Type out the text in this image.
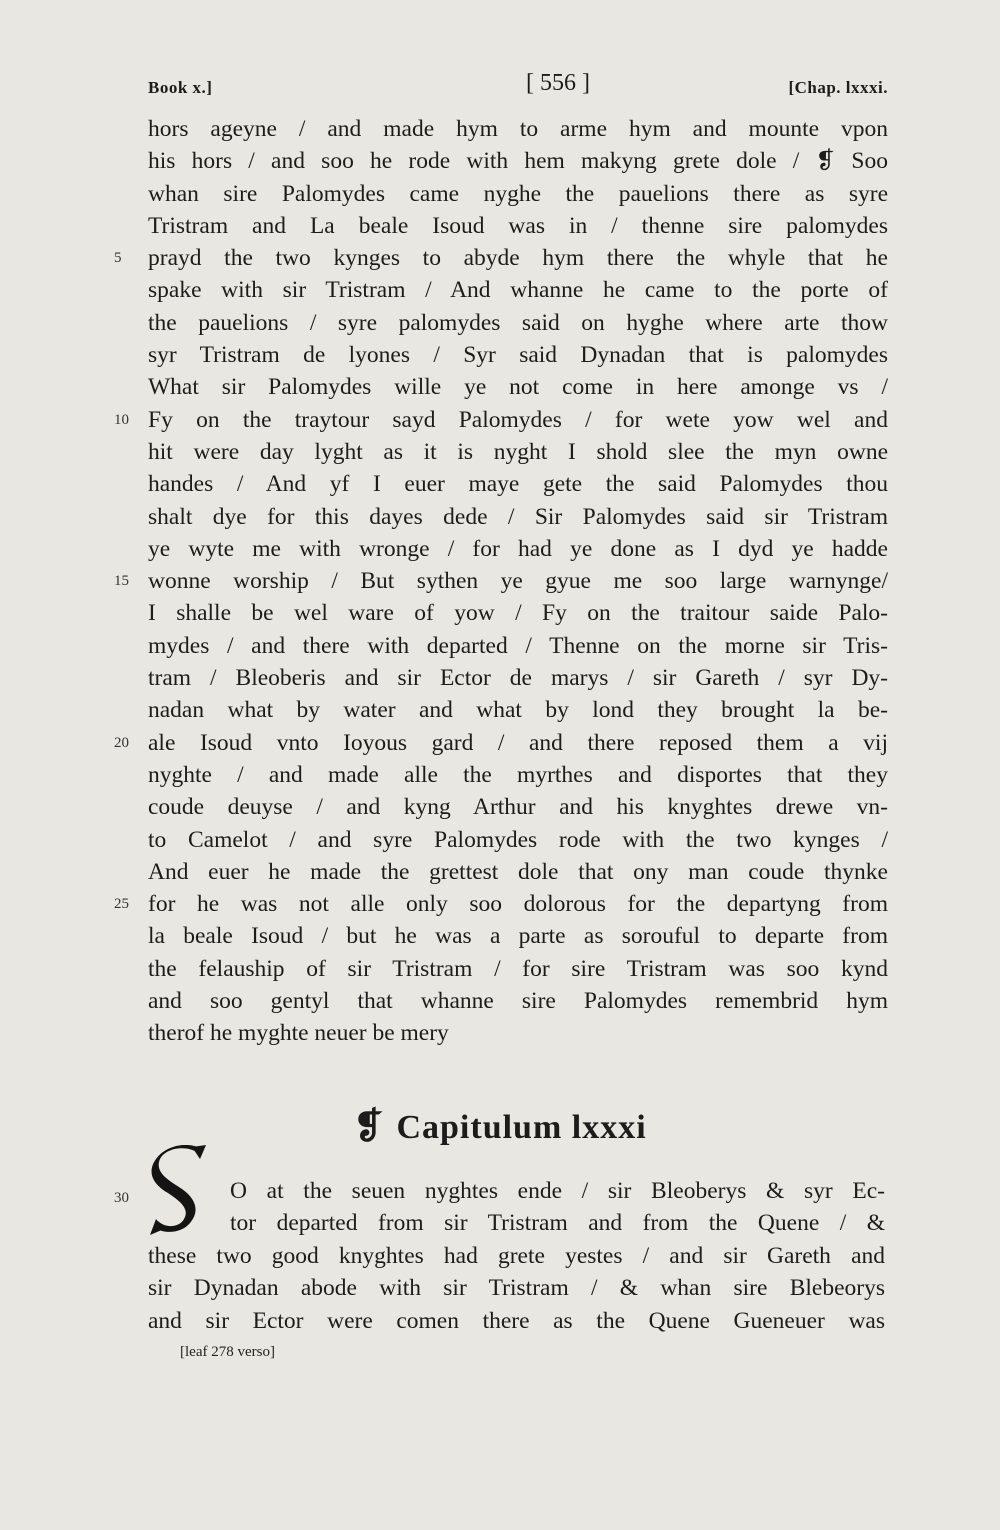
Book x.]	[ 556 ]	[Chap. lxxxi.
hors ageyne / and made hym to arme hym and mounte vpon
his hors / and soo he rode with hem makyng grete dole / ❡ Soo
whan sire Palomydes came nyghe the pauelions there as syre
Tristram and La beale Isoud was in / thenne sire palomydes
5	prayd the two kynges to abyde hym there the whyle that he
spake with sir Tristram / And whanne he came to the porte of
the pauelions / syre palomydes said on hyghe where arte thow
syr Tristram de lyones / Syr said Dynadan that is palomydes
What sir Palomydes wille ye not come in here amonge vs /
10 Fy on the traytour sayd Palomydes / for wete yow wel and
hit were day lyght as it is nyght I shold slee the myn owne
handes / And yf I euer maye gete the said Palomydes thou
shalt dye for this dayes dede / Sir Palomydes said sir Tristram
ye wyte me with wronge / for had ye done as I dyd ye hadde
15 wonne worship / But sythen ye gyue me soo large warnynge/
I shalle be wel ware of yow / Fy on the traitour saide Palo-
mydes / and there with departed / Thenne on the morne sir Tris-
tram / Bleoberis and sir Ector de marys / sir Gareth / syr Dy-
nadan what by water and what by lond they brought la be-
20 ale Isoud vnto Ioyous gard / and there reposed them a vij
nyghte / and made alle the myrthes and disportes that they
coude deuyse / and kyng Arthur and his knyghtes drewe vn-
to Camelot / and syre Palomydes rode with the two kynges /
And euer he made the grettest dole that ony man coude thynke
25 for he was not alle only soo dolorous for the departyng from
la beale Isoud / but he was a parte as sorouful to departe from
the felauship of sir Tristram / for sire Tristram was soo kynd
and soo gentyl that whanne sire Palomydes remembrid hym
therof he myghte neuer be mery
❡ Capitulum lxxxi
30	O at the seuen nyghtes ende / sir Bleoberys & syr Ec-
tor departed from sir Tristram and from the Quene / &
these two good knyghtes had grete yestes / and sir Gareth and
sir Dynadan abode with sir Tristram / & whan sire Blebeorys
and sir Ector were comen there as the Quene Gueneuer was
[leaf 278 verso]
